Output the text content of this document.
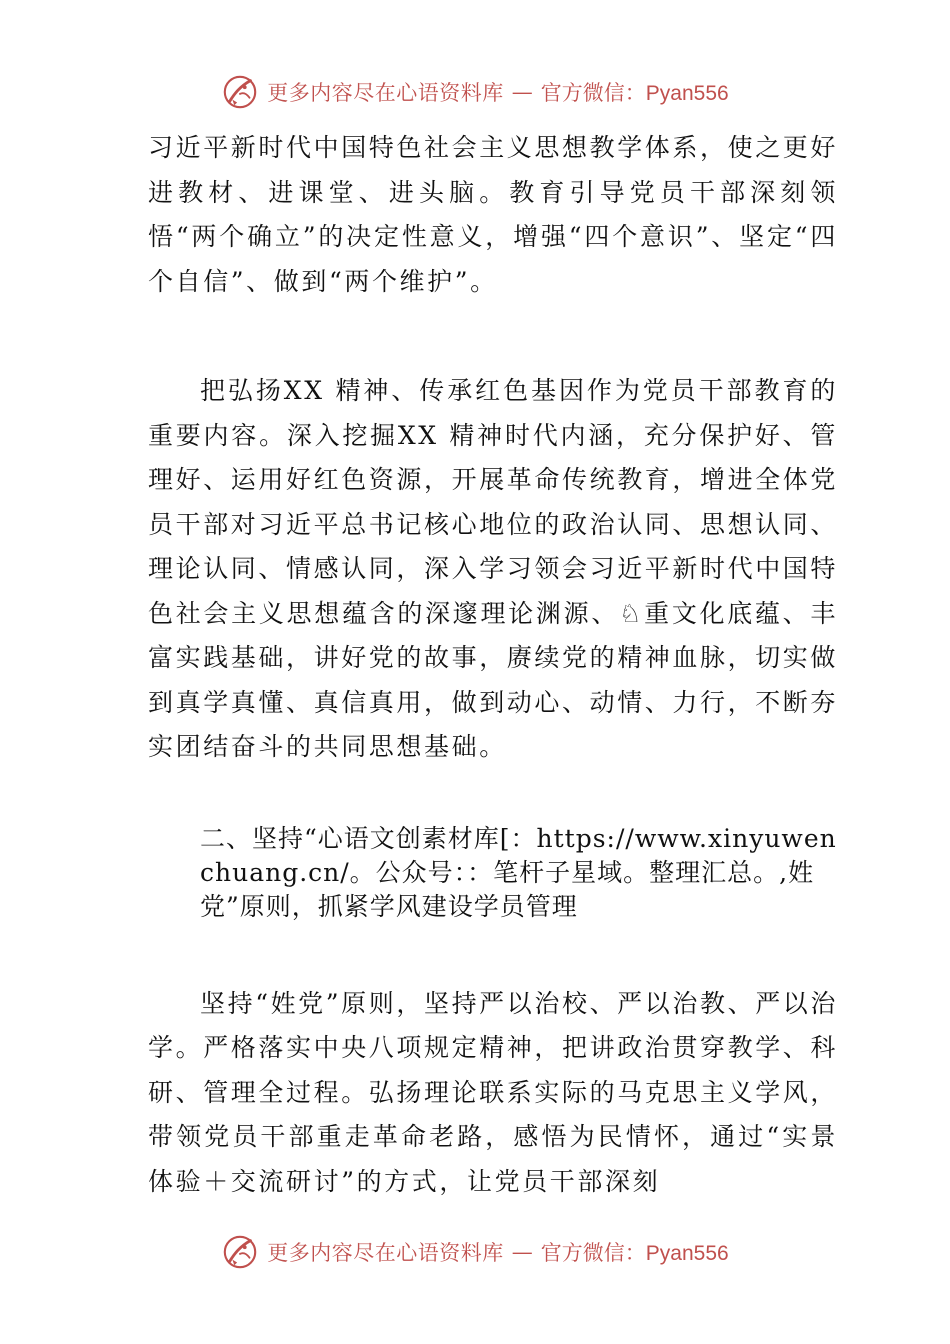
更多内容尽在心语资料库 — 官方微信：Pyan556

习近平新时代中国特色社会主义思想教学体系，使之更好进教材、进课堂、进头脑。教育引导党员干部深刻领悟“两个确立”的决定性意义，增强“四个意识”、坚定“四个自信”、做到“两个维护”。

把弘扬XX 精神、传承红色基因作为党员干部教育的重要内容。深入挖掘XX 精神时代内涵，充分保护好、管理好、运用好红色资源，开展革命传统教育，增进全体党员干部对习近平总书记核心地位的政治认同、思想认同、理论认同、情感认同，深入学习领会习近平新时代中国特色社会主义思想蕴含的深邃理论渊源、♘重文化底蕴、丰富实践基础，讲好党的故事，赓续党的精神血脉，切实做到真学真懂、真信真用，做到动心、动情、力行，不断夯实团结奋斗的共同思想基础。

二、坚持“心语文创素材库[：https://www.xinyuwenchuang.cn/。公众号：：笔杆子星域。整理汇总。,姓党”原则，抓紧学风建设学员管理

坚持“姓党”原则，坚持严以治校、严以治教、严以治学。严格落实中央八项规定精神，把讲政治贯穿教学、科研、管理全过程。弘扬理论联系实际的马克思主义学风，带领党员干部重走革命老路，感悟为民情怀，通过“实景体验＋交流研讨”的方式，让党员干部深刻

更多内容尽在心语资料库 — 官方微信：Pyan556
